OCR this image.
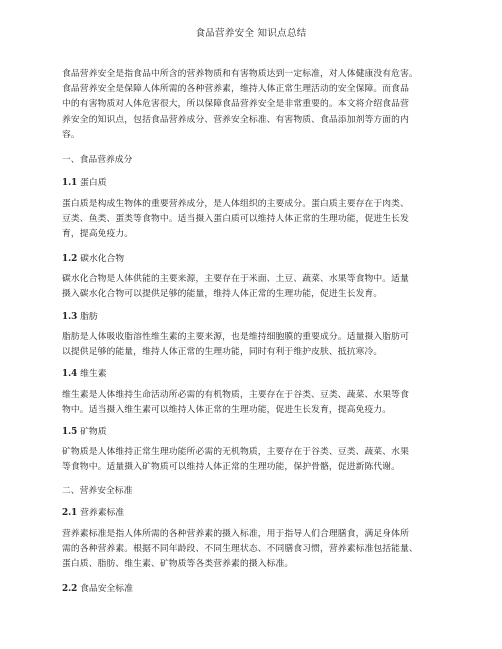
食品营养安全 知识点总结
食品营养安全是指食品中所含的营养物质和有害物质达到一定标准，对人体健康没有危害。
食品营养安全是保障人体所需的各种营养素，维持人体正常生理活动的安全保障。而食品
中的有害物质对人体危害很大，所以保障食品营养安全是非常重要的。本文将介绍食品营
养安全的知识点，包括食品营养成分、营养安全标准、有害物质、食品添加剂等方面的内
容。
一、食品营养成分
1.1 蛋白质
蛋白质是构成生物体的重要营养成分，是人体组织的主要成分。蛋白质主要存在于肉类、
豆类、鱼类、蛋类等食物中。适当摄入蛋白质可以维持人体正常的生理功能，促进生长发
育，提高免疫力。
1.2 碳水化合物
碳水化合物是人体供能的主要来源，主要存在于米面、土豆、蔬菜、水果等食物中。适量
摄入碳水化合物可以提供足够的能量，维持人体正常的生理功能，促进生长发育。
1.3 脂肪
脂肪是人体吸收脂溶性维生素的主要来源，也是维持细胞膜的重要成分。适量摄入脂肪可
以提供足够的能量，维持人体正常的生理功能，同时有利于维护皮肤、抵抗寒冷。
1.4 维生素
维生素是人体维持生命活动所必需的有机物质，主要存在于谷类、豆类、蔬菜、水果等食
物中。适当摄入维生素可以维持人体正常的生理功能，促进生长发育，提高免疫力。
1.5 矿物质
矿物质是人体维持正常生理功能所必需的无机物质，主要存在于谷类、豆类、蔬菜、水果
等食物中。适量摄入矿物质可以维持人体正常的生理功能，保护骨骼，促进新陈代谢。
二、营养安全标准
2.1 营养素标准
营养素标准是指人体所需的各种营养素的摄入标准，用于指导人们合理膳食，满足身体所
需的各种营养素。根据不同年龄段、不同生理状态、不同膳食习惯，营养素标准包括能量、
蛋白质、脂肪、维生素、矿物质等各类营养素的摄入标准。
2.2 食品安全标准
